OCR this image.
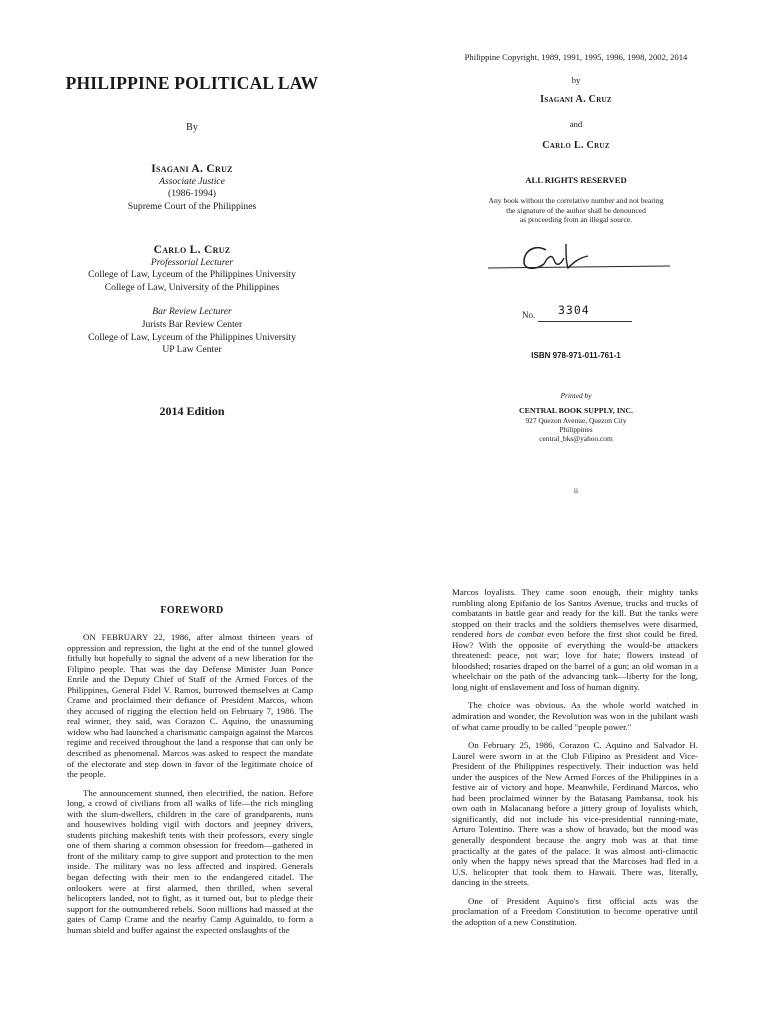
PHILIPPINE POLITICAL LAW
By
Isagani A. Cruz
Associate Justice
(1986-1994)
Supreme Court of the Philippines
Carlo L. Cruz
Professorial Lecturer
College of Law, Lyceum of the Philippines University
College of Law, University of the Philippines
Bar Review Lecturer
Jurists Bar Review Center
College of Law, Lyceum of the Philippines University
UP Law Center
2014 Edition
Philippine Copyright, 1989, 1991, 1995, 1996, 1998, 2002, 2014
by
Isagani A. Cruz
and
Carlo L. Cruz
ALL RIGHTS RESERVED
Any book without the correlative number and not bearing
the signature of the author shall be denounced
as proceeding from an illegal source.
No. 3304
ISBN 978-971-011-761-1
Printed by
CENTRAL BOOK SUPPLY, INC.
927 Quezon Avenue, Quezon City
Philippines
central_bks@yahoo.com
ii
FOREWORD

ON FEBRUARY 22, 1986, after almost thirteen years of oppression and repression, the light at the end of the tunnel glowed fitfully but hopefully to signal the advent of a new liberation for the Filipino people. That was the day Defense Minister Juan Ponce Enrile and the Deputy Chief of Staff of the Armed Forces of the Philippines, General Fidel V. Ramos, burrowed themselves at Camp Crame and proclaimed their defiance of President Marcos, whom they accused of rigging the election held on February 7, 1986. The real winner, they said, was Corazon C. Aquino, the unassuming widow who had launched a charismatic campaign against the Marcos regime and received throughout the land a response that can only be described as phenomenal. Marcos was asked to respect the mandate of the electorate and step down in favor of the legitimate choice of the people.

The announcement stunned, then electrified, the nation. Before long, a crowd of civilians from all walks of life—the rich mingling with the slum-dwellers, children in the care of grandparents, nuns and housewives holding vigil with doctors and jeepney drivers, students pitching makeshift tents with their professors, every single one of them sharing a common obsession for freedom—gathered in front of the military camp to give support and protection to the men inside. The military was no less affected and inspired. Generals began defecting with their men to the endangered citadel. The onlookers were at first alarmed, then thrilled, when several helicopters landed, not to fight, as it turned out, but to pledge their support for the outnumbered rebels. Soon millions had massed at the gates of Camp Crame and the nearby Camp Aguinaldo, to form a human shield and buffer against the expected onslaughts of the

Marcos loyalists. They came soon enough, their mighty tanks rumbling along Epifanio de los Santos Avenue, trucks and trucks of combatants in battle gear and ready for the kill. But the tanks were stopped on their tracks and the soldiers themselves were disarmed, rendered hors de combat even before the first shot could be fired. How? With the opposite of everything the would-be attackers threatened: peace, not war; love for hate; flowers instead of bloodshed; rosaries draped on the barrel of a gun; an old woman in a wheelchair on the path of the advancing tank—liberty for the long, long night of enslavement and loss of human dignity.

The choice was obvious. As the whole world watched in admiration and wonder, the Revolution was won in the jubilant wash of what came proudly to be called "people power."

On February 25, 1986, Corazon C. Aquino and Salvador H. Laurel were sworn in at the Club Filipino as President and Vice-President of the Philippines respectively. Their induction was held under the auspices of the New Armed Forces of the Philippines in a festive air of victory and hope. Meanwhile, Ferdinand Marcos, who had been proclaimed winner by the Batasang Pambansa, took his own oath in Malacanang before a jittery group of loyalists which, significantly, did not include his vice-presidential running-mate, Arturo Tolentino. There was a show of bravado, but the mood was generally despondent because the angry mob was at that time practically at the gates of the palace. It was almost anti-climactic only when the happy news spread that the Marcoses had fled in a U.S. helicopter that took them to Hawaii. There was, literally, dancing in the streets.

One of President Aquino's first official acts was the proclamation of a Freedom Constitution to become operative until the adoption of a new Constitution.
